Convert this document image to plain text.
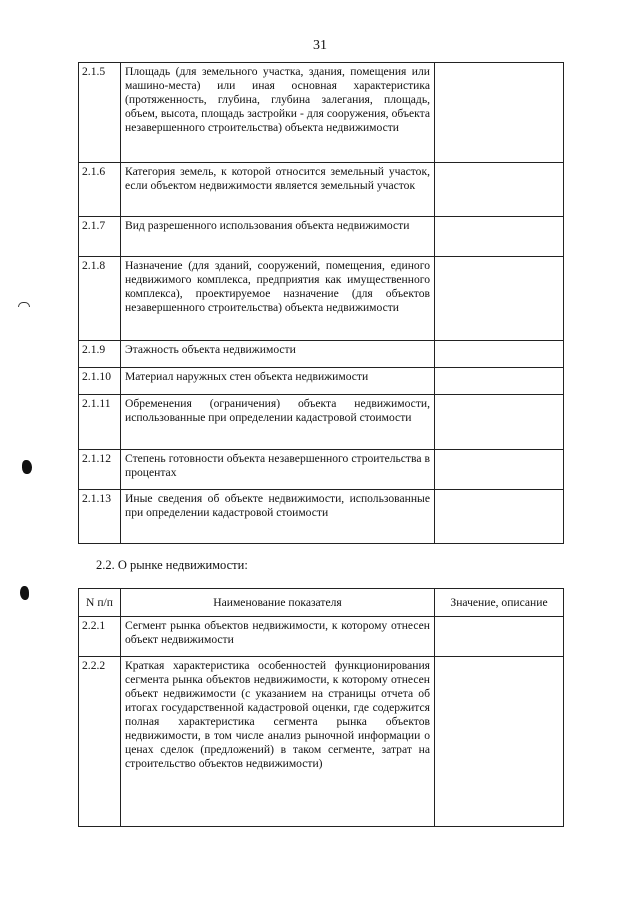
31
2.1.5	Площадь (для земельного участка, здания, помещения или машино-места) или иная основная характеристика (протяженность, глубина, глубина залегания, площадь, объем, высота, площадь застройки - для сооружения, объекта незавершенного строительства) объекта недвижимости	
2.1.6	Категория земель, к которой относится земельный участок, если объектом недвижимости является земельный участок	
2.1.7	Вид разрешенного использования объекта недвижимости	
2.1.8	Назначение (для зданий, сооружений, помещения, единого недвижимого комплекса, предприятия как имущественного комплекса), проектируемое назначение (для объектов незавершенного строительства) объекта недвижимости	
2.1.9	Этажность объекта недвижимости	
2.1.10	Материал наружных стен объекта недвижимости	
2.1.11	Обременения (ограничения) объекта недвижимости, использованные при определении кадастровой стоимости	
2.1.12	Степень готовности объекта незавершенного строительства в процентах	
2.1.13	Иные сведения об объекте недвижимости, использованные при определении кадастровой стоимости	
2.2. О рынке недвижимости:
N п/п	Наименование показателя	Значение, описание
2.2.1	Сегмент рынка объектов недвижимости, к которому отнесен объект недвижимости	
2.2.2	Краткая характеристика особенностей функционирования сегмента рынка объектов недвижимости, к которому отнесен объект недвижимости (с указанием на страницы отчета об итогах государственной кадастровой оценки, где содержится полная характеристика сегмента рынка объектов недвижимости, в том числе анализ рыночной информации о ценах сделок (предложений) в таком сегменте, затрат на строительство объектов недвижимости)	
